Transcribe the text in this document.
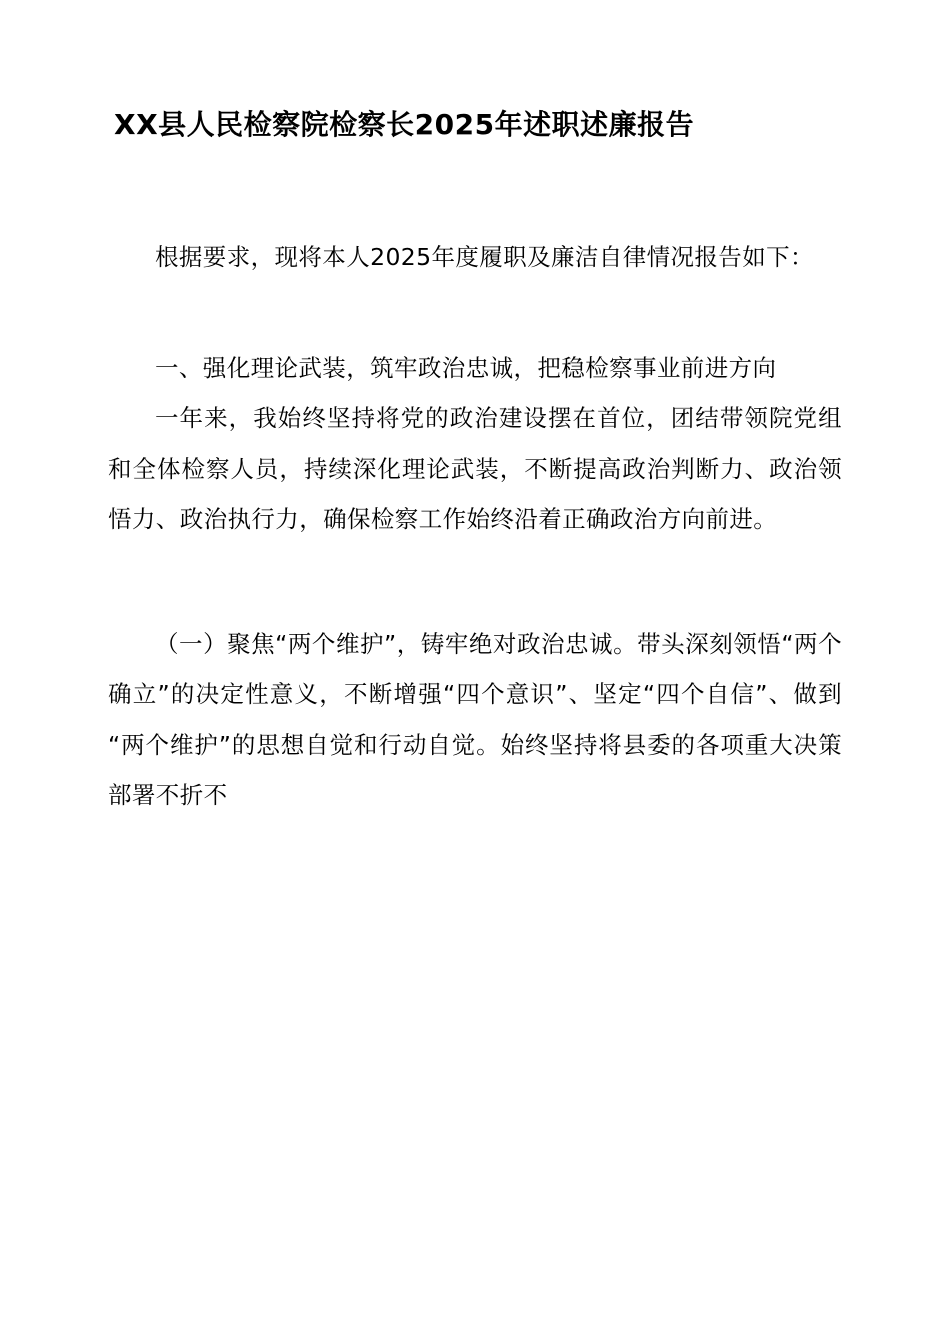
XX县人民检察院检察长2025年述职述廉报告

根据要求，现将本人2025年度履职及廉洁自律情况报告如下：

一、强化理论武装，筑牢政治忠诚，把稳检察事业前进方向

一年来，我始终坚持将党的政治建设摆在首位，团结带领院党组和全体检察人员，持续深化理论武装，不断提高政治判断力、政治领悟力、政治执行力，确保检察工作始终沿着正确政治方向前进。

（一）聚焦“两个维护”，铸牢绝对政治忠诚。带头深刻领悟“两个确立”的决定性意义，不断增强“四个意识”、坚定“四个自信”、做到“两个维护”的思想自觉和行动自觉。始终坚持将县委的各项重大决策部署不折不
